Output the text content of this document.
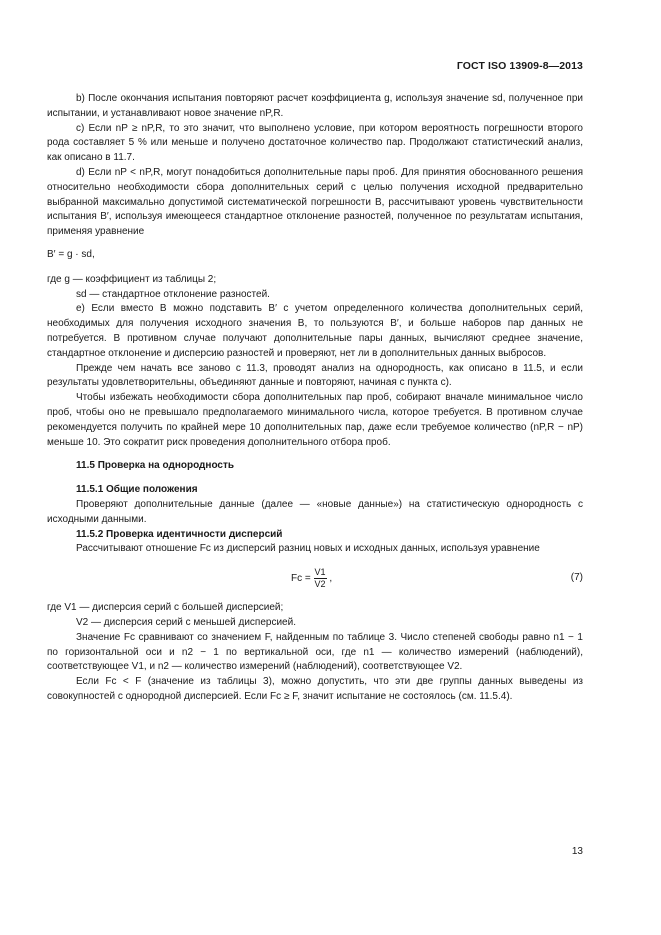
ГОСТ ISO 13909-8—2013

b) После окончания испытания повторяют расчет коэффициента g, используя значение sd, полученное при испытании, и устанавливают новое значение nP,R.

c) Если nP ≥ nP,R, то это значит, что выполнено условие, при котором вероятность погрешности второго рода составляет 5 % или меньше и получено достаточное количество пар. Продолжают статистический анализ, как описано в 11.7.

d) Если nP < nP,R, могут понадобиться дополнительные пары проб. Для принятия обоснованного решения относительно необходимости сбора дополнительных серий с целью получения исходной предварительно выбранной максимально допустимой систематической погрешности B, рассчитывают уровень чувствительности испытания B′, используя имеющееся стандартное отклонение разностей, полученное по результатам испытания, применяя уравнение

B′ = g · sd,

где g — коэффициент из таблицы 2;

sd — стандартное отклонение разностей.

e) Если вместо B можно подставить B′ с учетом определенного количества дополнительных серий, необходимых для получения исходного значения B, то пользуются B′, и больше наборов пар данных не потребуется. В противном случае получают дополнительные пары данных, вычисляют среднее значение, стандартное отклонение и дисперсию разностей и проверяют, нет ли в дополнительных данных выбросов.

Прежде чем начать все заново с 11.3, проводят анализ на однородность, как описано в 11.5, и если результаты удовлетворительны, объединяют данные и повторяют, начиная с пункта c).

Чтобы избежать необходимости сбора дополнительных пар проб, собирают вначале минимальное число проб, чтобы оно не превышало предполагаемого минимального числа, которое требуется. В противном случае рекомендуется получить по крайней мере 10 дополнительных пар, даже если требуемое количество (nP,R − nP) меньше 10. Это сократит риск проведения дополнительного отбора проб.

11.5 Проверка на однородность

11.5.1 Общие положения

Проверяют дополнительные данные (далее — «новые данные») на статистическую однородность с исходными данными.

11.5.2 Проверка идентичности дисперсий

Рассчитывают отношение Fc из дисперсий разниц новых и исходных данных, используя уравнение

$Fc = \frac{V1}{V2}$ ,	(7)

где V1 — дисперсия серий с большей дисперсией;

V2 — дисперсия серий с меньшей дисперсией.

Значение Fc сравнивают со значением F, найденным по таблице 3. Число степеней свободы равно n1 − 1 по горизонтальной оси и n2 − 1 по вертикальной оси, где n1 — количество измерений (наблюдений), соответствующее V1, и n2 — количество измерений (наблюдений), соответствующее V2.

Если Fc < F (значение из таблицы 3), можно допустить, что эти две группы данных выведены из совокупностей с однородной дисперсией. Если Fc ≥ F, значит испытание не состоялось (см. 11.5.4).

13
